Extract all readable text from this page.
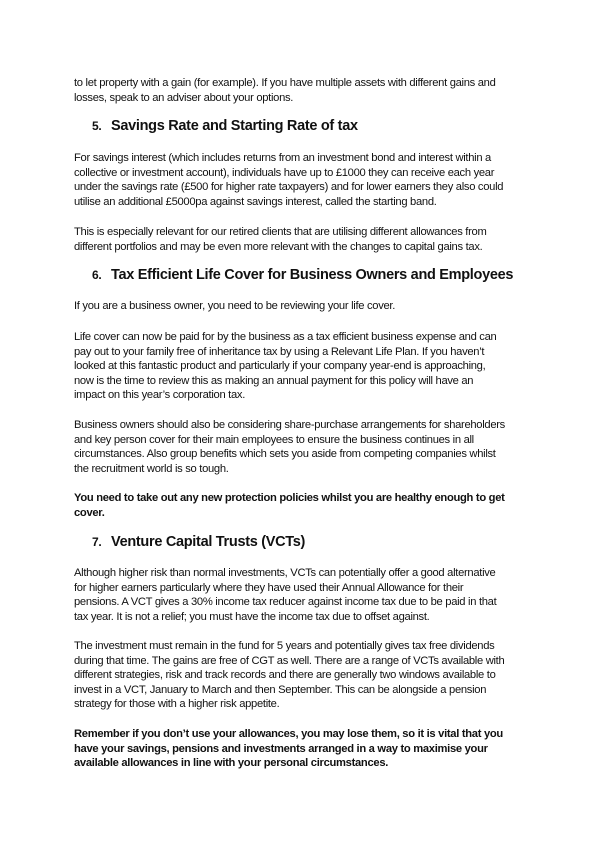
to let property with a gain (for example). If you have multiple assets with different gains and
losses, speak to an adviser about your options.
5. Savings Rate and Starting Rate of tax
For savings interest (which includes returns from an investment bond and interest within a
collective or investment account), individuals have up to £1000 they can receive each year
under the savings rate (£500 for higher rate taxpayers) and for lower earners they also could
utilise an additional £5000pa against savings interest, called the starting band.
This is especially relevant for our retired clients that are utilising different allowances from
different portfolios and may be even more relevant with the changes to capital gains tax.
6. Tax Efficient Life Cover for Business Owners and Employees
If you are a business owner, you need to be reviewing your life cover.
Life cover can now be paid for by the business as a tax efficient business expense and can
pay out to your family free of inheritance tax by using a Relevant Life Plan. If you haven’t
looked at this fantastic product and particularly if your company year-end is approaching,
now is the time to review this as making an annual payment for this policy will have an
impact on this year’s corporation tax.
Business owners should also be considering share-purchase arrangements for shareholders
and key person cover for their main employees to ensure the business continues in all
circumstances. Also group benefits which sets you aside from competing companies whilst
the recruitment world is so tough.
You need to take out any new protection policies whilst you are healthy enough to get
cover.
7. Venture Capital Trusts (VCTs)
Although higher risk than normal investments, VCTs can potentially offer a good alternative
for higher earners particularly where they have used their Annual Allowance for their
pensions. A VCT gives a 30% income tax reducer against income tax due to be paid in that
tax year. It is not a relief; you must have the income tax due to offset against.
The investment must remain in the fund for 5 years and potentially gives tax free dividends
during that time. The gains are free of CGT as well. There are a range of VCTs available with
different strategies, risk and track records and there are generally two windows available to
invest in a VCT, January to March and then September. This can be alongside a pension
strategy for those with a higher risk appetite.
Remember if you don’t use your allowances, you may lose them, so it is vital that you
have your savings, pensions and investments arranged in a way to maximise your
available allowances in line with your personal circumstances.
